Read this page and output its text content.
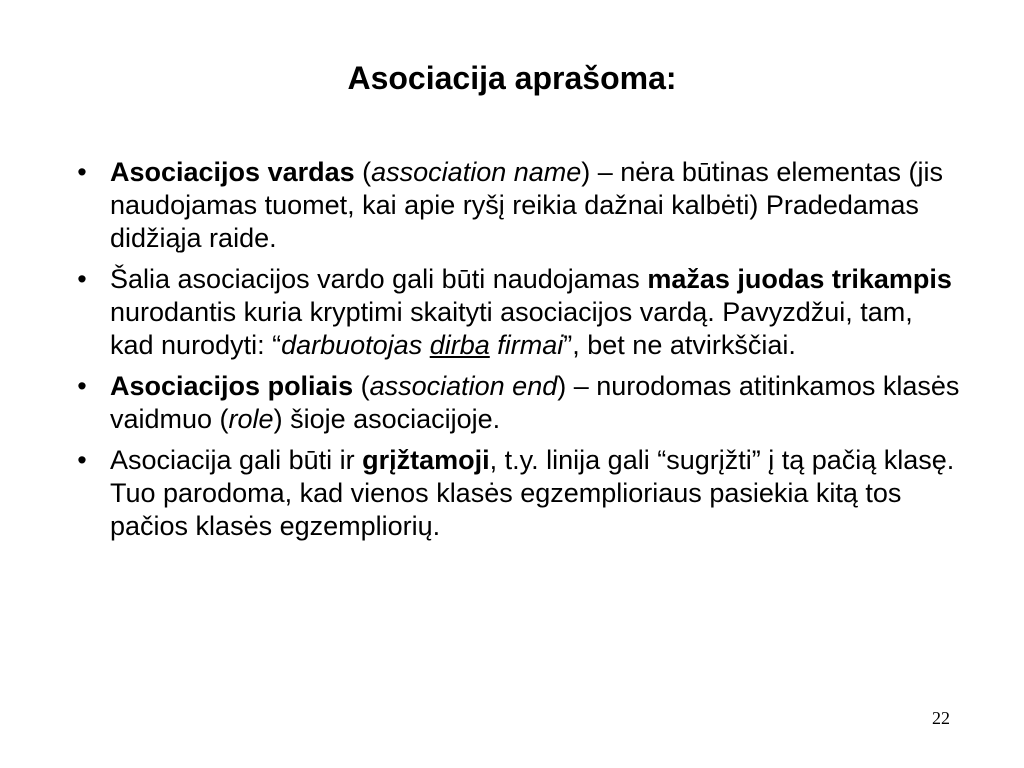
Asociacija aprašoma:
• Asociacijos vardas (association name) – nėra būtinas elementas (jis naudojamas tuomet, kai apie ryšį reikia dažnai kalbėti) Pradedamas didžiąja raide.
• Šalia asociacijos vardo gali būti naudojamas mažas juodas trikampis nurodantis kuria kryptimi skaityti asociacijos vardą. Pavyzdžui, tam, kad nurodyti: “darbuotojas dirba firmai”, bet ne atvirkščiai.
• Asociacijos poliais (association end) – nurodomas atitinkamos klasės vaidmuo (role) šioje asociacijoje.
• Asociacija gali būti ir grįžtamoji, t.y. linija gali “sugrįžti” į tą pačią klasę. Tuo parodoma, kad vienos klasės egzemplioriaus pasiekia kitą tos pačios klasės egzempliorių.
22
